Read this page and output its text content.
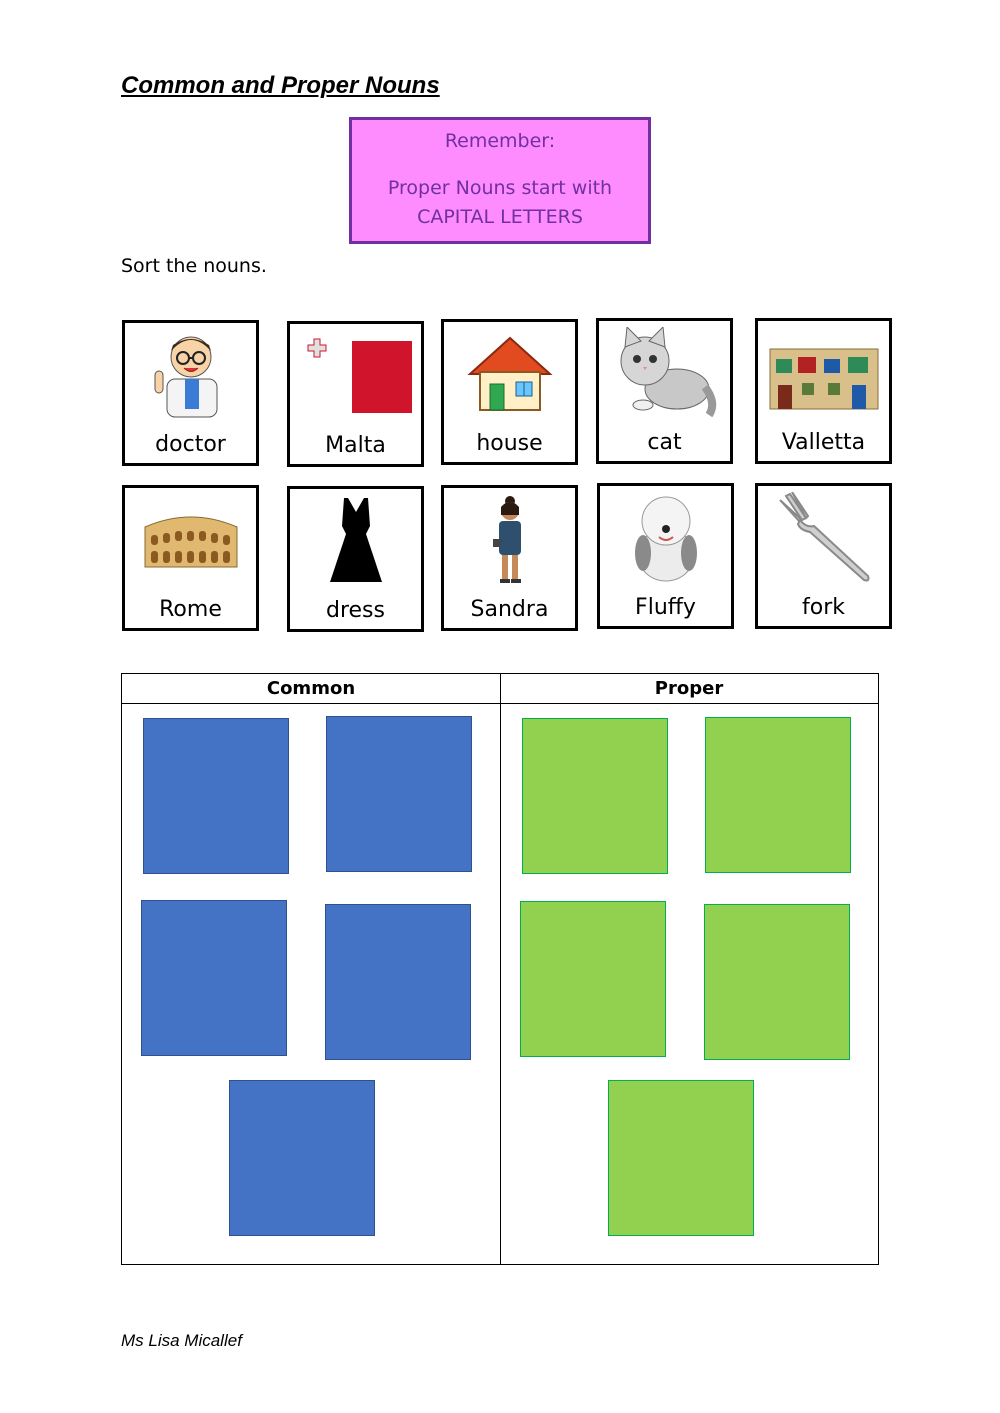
Common and Proper Nouns
Remember:
Proper Nouns start with
CAPITAL LETTERS
Sort the nouns.
doctor	Malta	house	cat	Valletta
Rome	dress	Sandra	Fluffy	fork
Common	Proper
Ms Lisa Micallef
